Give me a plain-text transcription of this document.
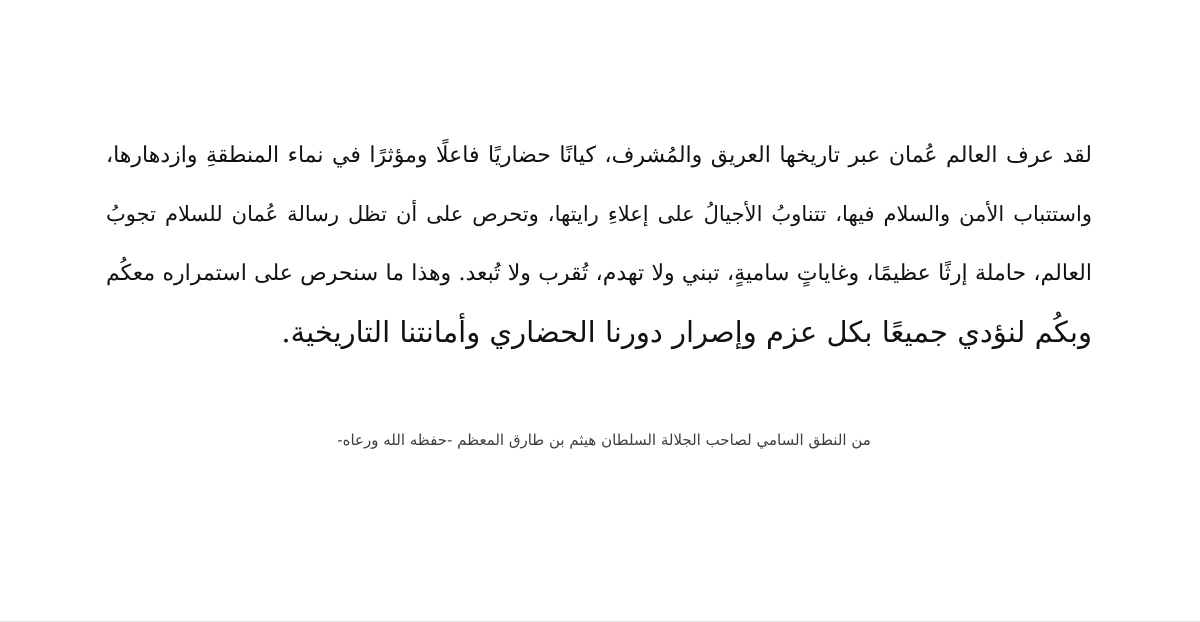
لقد عرف العالم عُمان عبر تاريخها العريق والمُشرف، كيانًا حضاريًا فاعلًا ومؤثرًا في نماء المنطقةِ وازدهارها،
واستتباب الأمن والسلام فيها، تتناوبُ الأجيالُ على إعلاءِ رايتها، وتحرص على أن تظل رسالة عُمان للسلام تجوبُ
العالم، حاملة إرثًا عظيمًا، وغاياتٍ ساميةٍ، تبني ولا تهدم، تُقرب ولا تُبعد. وهذا ما سنحرص على استمراره معكُم
وبكُم لنؤدي جميعًا بكل عزم وإصرار دورنا الحضاري وأمانتنا التاريخية.
من النطق السامي لصاحب الجلالة السلطان هيثم بن طارق المعظم -حفظه الله ورعاه-
